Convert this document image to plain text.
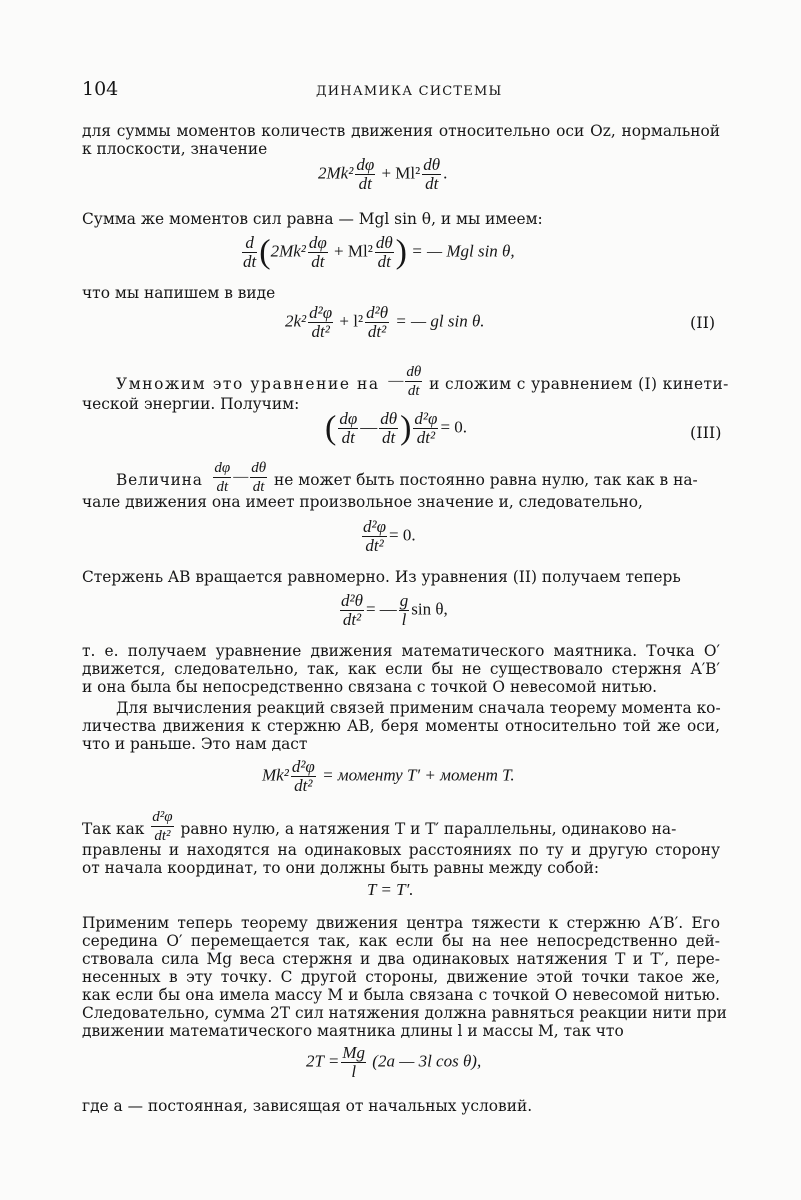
104	ДИНАМИКА СИСТЕМЫ
для суммы моментов количеств движения относительно оси Oz, нормальной
к плоскости, значение
$2Mk^2 \frac{d\varphi}{dt} + Ml^2 \frac{d\theta}{dt}$ .
Сумма же моментов сил равна — Mgl sin θ, и мы имеем:
$\frac{d}{dt} (2Mk^2 \frac{d\varphi}{dt} + Ml^2 \frac{d\theta}{dt}$ ) = — Mgl sin θ,
что мы напишем в виде
$2k^2 \frac{\text{d²φ}}{\text{dt²}} + l^2 \frac{\text{d²θ}}{\text{dt²}}$ = — gl sin θ.	(II)
Умножим это уравнение на — $\frac{d\theta}{dt}$ и сложим с уравнением (I) кинети-
ческой энергии. Получим:
( $\frac{d\varphi}{dt}$ — $\frac{d\theta}{dt}$ ) $\frac{\text{d²φ}}{\text{dt²}} = 0$.	(III)
Величина $\frac{d\varphi}{dt}$ — $\frac{d\theta}{dt}$ не может быть постоянно равна нулю, так как в на-
чале движения она имеет произвольное значение и, следовательно,
$\frac{\text{d²φ}}{\text{dt²}} = 0$.
Стержень AB вращается равномерно. Из уравнения (II) получаем теперь
$\frac{\text{d²θ}}{\text{dt²}}$ = — $\frac{g}{l}$ sin θ,
т. е. получаем уравнение движения математического маятника. Точка O′
движется, следовательно, так, как если бы не существовало стержня A′B′
и она была бы непосредственно связана с точкой O невесомой нитью.
Для вычисления реакций связей применим сначала теорему момента ко-
личества движения к стержню AB, беря моменты относительно той же оси,
что и раньше. Это нам даст
$Mk^2 \frac{\text{d²φ}}{\text{dt²}}$ = моменту T′ + момент T.
Так как $\frac{\text{d²φ}}{\text{dt²}}$ равно нулю, а натяжения T и T′ параллельны, одинаково на-
правлены и находятся на одинаковых расстояниях по ту и другую сторону
от начала координат, то они должны быть равны между собой:
T = T′.
Применим теперь теорему движения центра тяжести к стержню A′B′. Его
середина O′ перемещается так, как если бы на нее непосредственно дей-
ствовала сила Mg веса стержня и два одинаковых натяжения T и T′, пере-
несенных в эту точку. С другой стороны, движение этой точки такое же,
как если бы она имела массу M и была связана с точкой O невесомой нитью.
Следовательно, сумма 2T сил натяжения должна равняться реакции нити при
движении математического маятника длины l и массы M, так что
$2T = \frac{Mg}{l} (2a$ — 3l cos θ),
где a — постоянная, зависящая от начальных условий.
